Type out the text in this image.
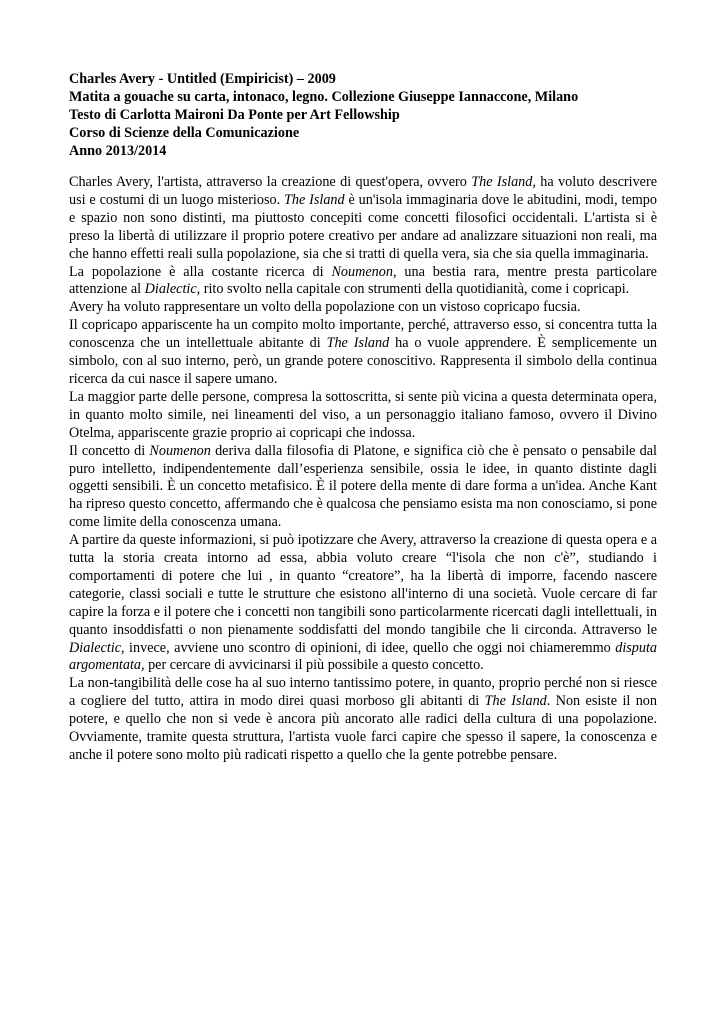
Charles Avery - Untitled (Empiricist) – 2009
Matita a gouache su carta, intonaco, legno. Collezione Giuseppe Iannaccone, Milano
Testo di Carlotta Maironi Da Ponte per Art Fellowship
Corso di Scienze della Comunicazione
Anno 2013/2014

Charles Avery, l'artista, attraverso la creazione di quest'opera, ovvero The Island, ha voluto descrivere usi e costumi di un luogo misterioso. The Island è un'isola immaginaria dove le abitudini, modi, tempo e spazio non sono distinti, ma piuttosto concepiti come concetti filosofici occidentali. L'artista si è preso la libertà di utilizzare il proprio potere creativo per andare ad analizzare situazioni non reali, ma che hanno effetti reali sulla popolazione, sia che si tratti di quella vera, sia che sia quella immaginaria.

La popolazione è alla costante ricerca di Noumenon, una bestia rara, mentre presta particolare attenzione al Dialectic, rito svolto nella capitale con strumenti della quotidianità, come i copricapi.

Avery ha voluto rappresentare un volto della popolazione con un vistoso copricapo fucsia.

Il copricapo appariscente ha un compito molto importante, perché, attraverso esso, si concentra tutta la conoscenza che un intellettuale abitante di The Island ha o vuole apprendere. È semplicemente un simbolo, con al suo interno, però, un grande potere conoscitivo. Rappresenta il simbolo della continua ricerca da cui nasce il sapere umano.

La maggior parte delle persone, compresa la sottoscritta, si sente più vicina a questa determinata opera, in quanto molto simile, nei lineamenti del viso, a un personaggio italiano famoso, ovvero il Divino Otelma, appariscente grazie proprio ai copricapi che indossa.

Il concetto di Noumenon deriva dalla filosofia di Platone, e significa ciò che è pensato o pensabile dal puro intelletto, indipendentemente dall’esperienza sensibile, ossia le idee, in quanto distinte dagli oggetti sensibili. È un concetto metafisico. È il potere della mente di dare forma a un'idea. Anche Kant ha ripreso questo concetto, affermando che è qualcosa che pensiamo esista ma non conosciamo, si pone come limite della conoscenza umana.

A partire da queste informazioni, si può ipotizzare che Avery, attraverso la creazione di questa opera e a tutta la storia creata intorno ad essa, abbia voluto creare “l'isola che non c'è”, studiando i comportamenti di potere che lui , in quanto “creatore”, ha la libertà di imporre, facendo nascere categorie, classi sociali e tutte le strutture che esistono all'interno di una società. Vuole cercare di far capire la forza e il potere che i concetti non tangibili sono particolarmente ricercati dagli intellettuali, in quanto insoddisfatti o non pienamente soddisfatti del mondo tangibile che li circonda. Attraverso le Dialectic, invece, avviene uno scontro di opinioni, di idee, quello che oggi noi chiameremmo disputa argomentata, per cercare di avvicinarsi il più possibile a questo concetto.

La non-tangibilità delle cose ha al suo interno tantissimo potere, in quanto, proprio perché non si riesce a cogliere del tutto, attira in modo direi quasi morboso gli abitanti di The Island. Non esiste il non potere, e quello che non si vede è ancora più ancorato alle radici della cultura di una popolazione. Ovviamente, tramite questa struttura, l'artista vuole farci capire che spesso il sapere, la conoscenza e anche il potere sono molto più radicati rispetto a quello che la gente potrebbe pensare.
